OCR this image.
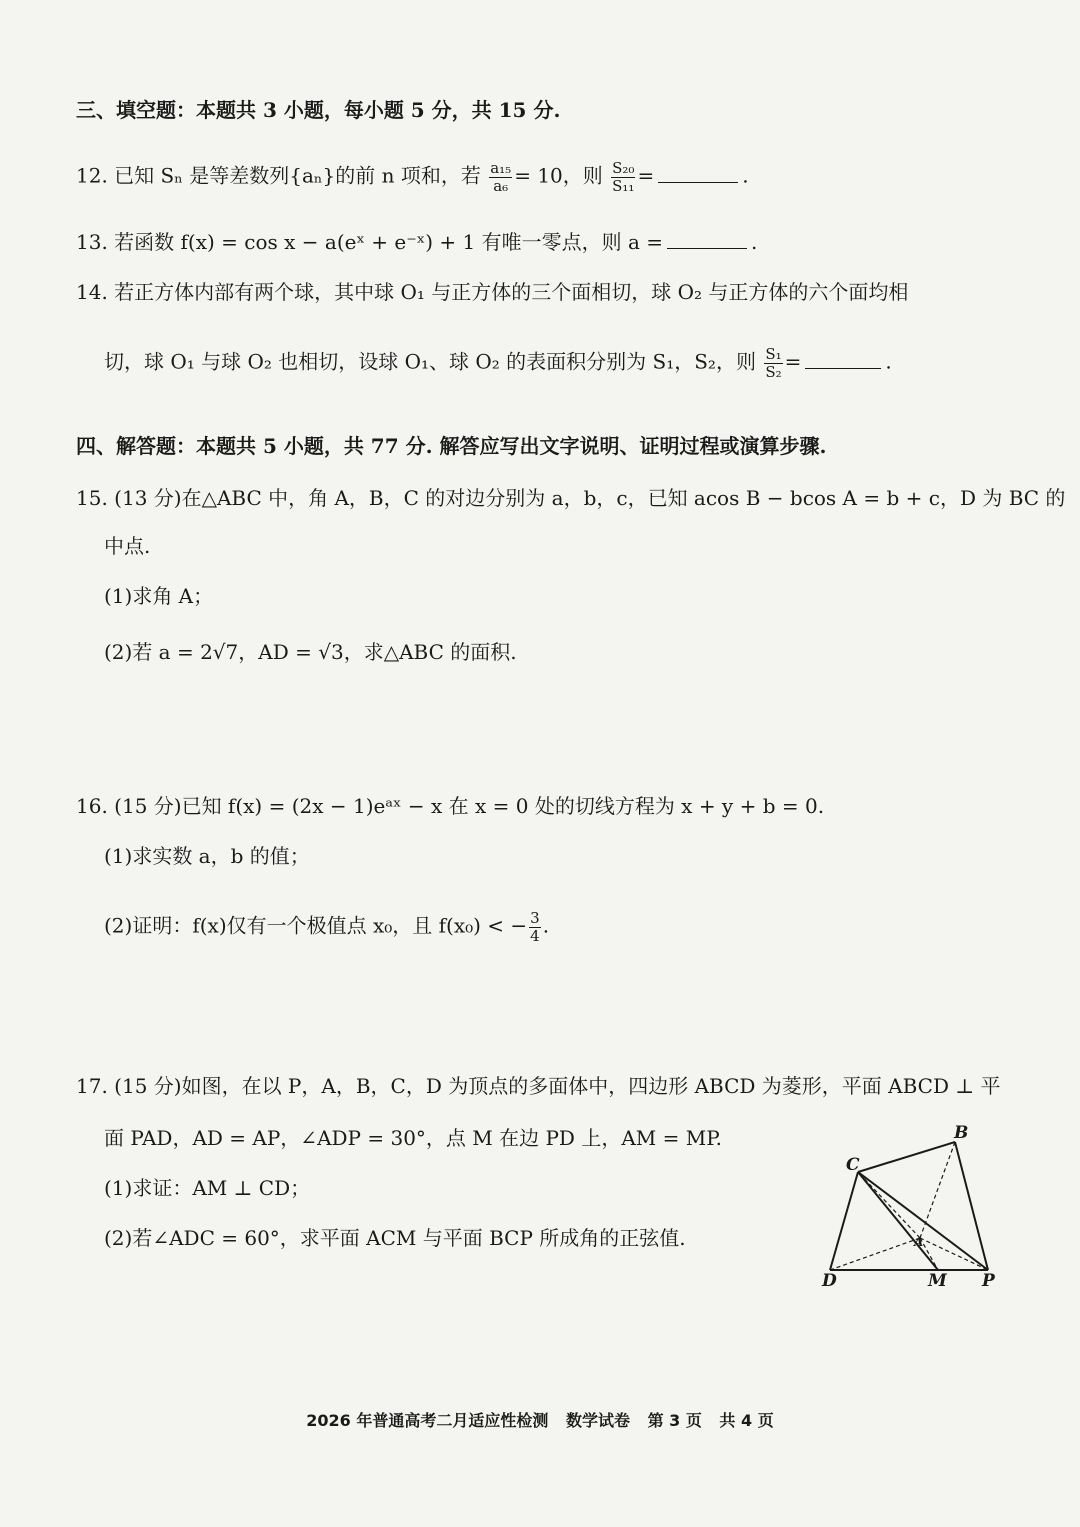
三、填空题：本题共 3 小题，每小题 5 分，共 15 分.
12. 已知 Sₙ 是等差数列{aₙ}的前 n 项和，若 $\frac{\text{a₁₅}}{\text{a₆}} = 10$，则 $\frac{\text{S₂₀}}{\text{S₁₁}}$ =	.
13. 若函数 f(x) = cos x − a(eˣ + e⁻ˣ) + 1 有唯一零点，则 a =	.
14. 若正方体内部有两个球，其中球 O₁ 与正方体的三个面相切，球 O₂ 与正方体的六个面均相
切，球 O₁ 与球 O₂ 也相切，设球 O₁、球 O₂ 的表面积分别为 S₁，S₂，则 $\frac{\text{S₁}}{\text{S₂}}$ =	.
四、解答题：本题共 5 小题，共 77 分. 解答应写出文字说明、证明过程或演算步骤.
15. (13 分)在△ABC 中，角 A，B，C 的对边分别为 a，b，c，已知 acos B − bcos A = b + c，D 为 BC 的
中点.
(1)求角 A；
(2)若 a = 2√7，AD = √3，求△ABC 的面积.
16. (15 分)已知 f(x) = (2x − 1)eᵃˣ − x 在 x = 0 处的切线方程为 x + y + b = 0.
(1)求实数 a，b 的值；
(2)证明：f(x)仅有一个极值点 x₀，且 f(x₀) < − $\frac{3}{4}$ .
17. (15 分)如图，在以 P，A，B，C，D 为顶点的多面体中，四边形 ABCD 为菱形，平面 ABCD ⊥ 平
面 PAD，AD = AP，∠ADP = 30°，点 M 在边 PD 上，AM = MP.
(1)求证：AM ⊥ CD；
(2)若∠ADC = 60°，求平面 ACM 与平面 BCP 所成角的正弦值.
B
C
A
D	M P
2026 年普通高考二月适应性检测 数学试卷 第 3 页 共 4 页
